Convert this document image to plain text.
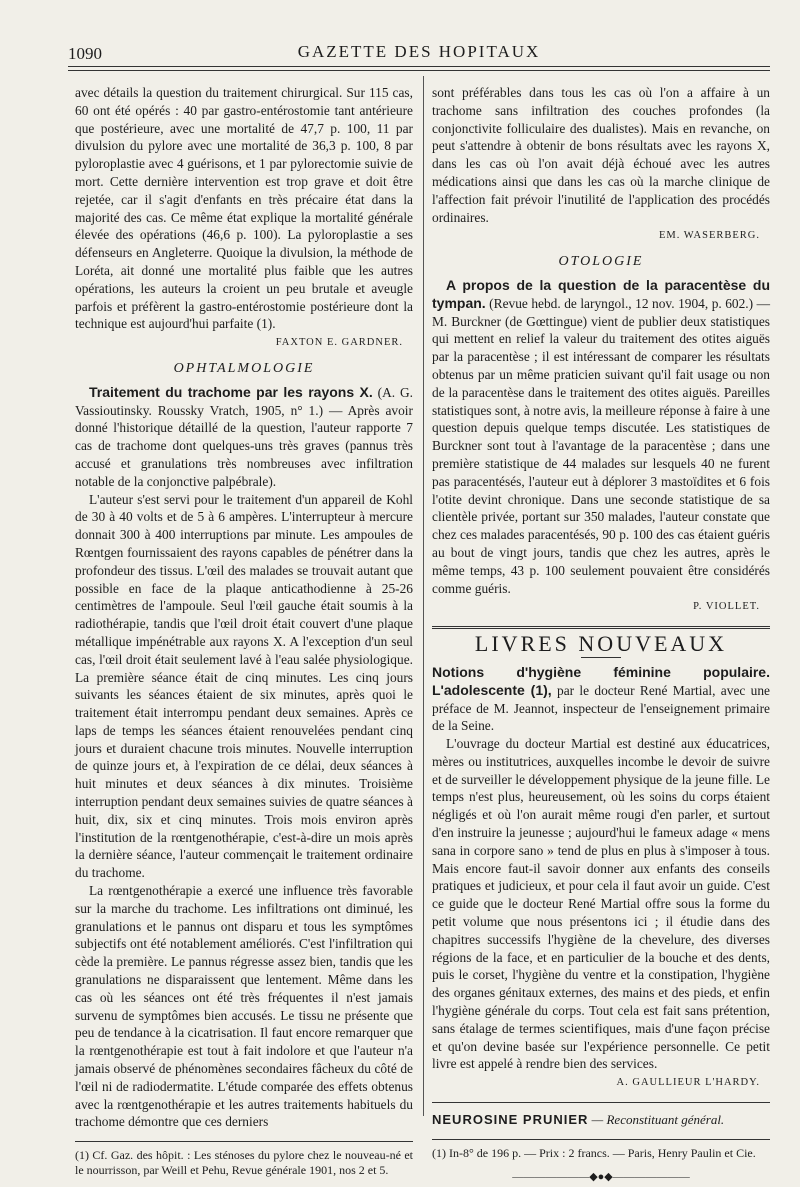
1090	GAZETTE DES HOPITAUX

avec détails la question du traitement chirurgical. Sur 115 cas, 60 ont été opérés : 40 par gastro-entérostomie tant antérieure que postérieure, avec une mortalité de 47,7 p. 100, 11 par divulsion du pylore avec une mortalité de 36,3 p. 100, 8 par pyloroplastie avec 4 guérisons, et 1 par pylorectomie suivie de mort. Cette dernière intervention est trop grave et doit être rejetée, car il s'agit d'enfants en très précaire état dans la majorité des cas. Ce même état explique la mortalité générale élevée des opérations (46,6 p. 100). La pyloroplastie a ses défenseurs en Angleterre. Quoique la divulsion, la méthode de Loréta, ait donné une mortalité plus faible que les autres opérations, les auteurs la croient un peu brutale et aveugle parfois et préfèrent la gastro-entérostomie postérieure dont la technique est aujourd'hui parfaite (1).

FAXTON E. GARDNER.
OPHTALMOLOGIE

Traitement du trachome par les rayons X. (A. G. Vassioutinsky. Roussky Vratch, 1905, n° 1.) — Après avoir donné l'historique détaillé de la question, l'auteur rapporte 7 cas de trachome dont quelques-uns très graves (pannus très accusé et granulations très nombreuses avec infiltration notable de la conjonctive palpébrale).

L'auteur s'est servi pour le traitement d'un appareil de Kohl de 30 à 40 volts et de 5 à 6 ampères. L'interrupteur à mercure donnait 300 à 400 interruptions par minute. Les ampoules de Rœntgen fournissaient des rayons capables de pénétrer dans la profondeur des tissus. L'œil des malades se trouvait autant que possible en face de la plaque anticathodienne à 25-26 centimètres de l'ampoule. Seul l'œil gauche était soumis à la radiothérapie, tandis que l'œil droit était couvert d'une plaque métallique impénétrable aux rayons X. A l'exception d'un seul cas, l'œil droit était seulement lavé à l'eau salée physiologique. La première séance était de cinq minutes. Les cinq jours suivants les séances étaient de six minutes, après quoi le traitement était interrompu pendant deux semaines. Après ce laps de temps les séances étaient renouvelées pendant cinq jours et duraient chacune trois minutes. Nouvelle interruption de quinze jours et, à l'expiration de ce délai, deux séances à huit minutes et deux séances à dix minutes. Troisième interruption pendant deux semaines suivies de quatre séances à huit, dix, six et cinq minutes. Trois mois environ après l'institution de la rœntgenothérapie, c'est-à-dire un mois après la dernière séance, l'auteur commençait le traitement ordinaire du trachome.

La rœntgenothérapie a exercé une influence très favorable sur la marche du trachome. Les infiltrations ont diminué, les granulations et le pannus ont disparu et tous les symptômes subjectifs ont été notablement améliorés. C'est l'infiltration qui cède la première. Le pannus régresse assez bien, tandis que les granulations ne disparaissent que lentement. Même dans les cas où les séances ont été très fréquentes il n'est jamais survenu de symptômes bien accusés. Le tissu ne présente que peu de tendance à la cicatrisation. Il faut encore remarquer que la rœntgenothérapie est tout à fait indolore et que l'auteur n'a jamais observé de phénomènes secondaires fâcheux du côté de l'œil ni de radiodermatite. L'étude comparée des effets obtenus avec la rœntgenothérapie et les autres traitements habituels du trachome démontre que ces derniers

(1) Cf. Gaz. des hôpit. : Les sténoses du pylore chez le nouveau-né et le nourrisson, par Weill et Pehu, Revue générale 1901, nos 2 et 5.

sont préférables dans tous les cas où l'on a affaire à un trachome sans infiltration des couches profondes (la conjonctivite folliculaire des dualistes). Mais en revanche, on peut s'attendre à obtenir de bons résultats avec les rayons X, dans les cas où l'on avait déjà échoué avec les autres médications ainsi que dans les cas où la marche clinique de l'affection fait prévoir l'inutilité de l'application des procédés ordinaires.

EM. WASERBERG.
OTOLOGIE

A propos de la question de la paracentèse du tympan. (Revue hebd. de laryngol., 12 nov. 1904, p. 602.) — M. Burckner (de Gœttingue) vient de publier deux statistiques qui mettent en relief la valeur du traitement des otites aiguës par la paracentèse ; il est intéressant de comparer les résultats obtenus par un même praticien suivant qu'il fait usage ou non de la paracentèse dans le traitement des otites aiguës. Pareilles statistiques sont, à notre avis, la meilleure réponse à faire à une question depuis quelque temps discutée. Les statistiques de Burckner sont tout à l'avantage de la paracentèse ; dans une première statistique de 44 malades sur lesquels 40 ne furent pas paracentésés, l'auteur eut à déplorer 3 mastoïdites et 6 fois l'otite devint chronique. Dans une seconde statistique de sa clientèle privée, portant sur 350 malades, l'auteur constate que chez ces malades paracentésés, 90 p. 100 des cas étaient guéris au bout de vingt jours, tandis que chez les autres, après le même temps, 43 p. 100 seulement pouvaient être considérés comme guéris.

P. VIOLLET.
LIVRES NOUVEAUX

Notions d'hygiène féminine populaire. L'adolescente (1), par le docteur René Martial, avec une préface de M. Jeannot, inspecteur de l'enseignement primaire de la Seine.

L'ouvrage du docteur Martial est destiné aux éducatrices, mères ou institutrices, auxquelles incombe le devoir de suivre et de surveiller le développement physique de la jeune fille. Le temps n'est plus, heureusement, où les soins du corps étaient négligés et où l'on aurait même rougi d'en parler, et surtout d'en instruire la jeunesse ; aujourd'hui le fameux adage « mens sana in corpore sano » tend de plus en plus à s'imposer à tous. Mais encore faut-il savoir donner aux enfants des conseils pratiques et judicieux, et pour cela il faut avoir un guide. C'est ce guide que le docteur René Martial offre sous la forme du petit volume que nous présentons ici ; il étudie dans des chapitres successifs l'hygiène de la chevelure, des diverses régions de la face, et en particulier de la bouche et des dents, puis le corset, l'hygiène du ventre et la constipation, l'hygiène des organes génitaux externes, des mains et des pieds, et enfin l'hygiène générale du corps. Tout cela est fait sans prétention, sans étalage de termes scientifiques, mais d'une façon précise et qu'on devine basée sur l'expérience personnelle. Ce petit livre est appelé à rendre bien des services.

A. GAULLIEUR L'HARDY.
NEUROSINE PRUNIER — Reconstituant général.
(1) In-8° de 196 p. — Prix : 2 francs. — Paris, Henry Paulin et Cie.
———————◆●◆———————
